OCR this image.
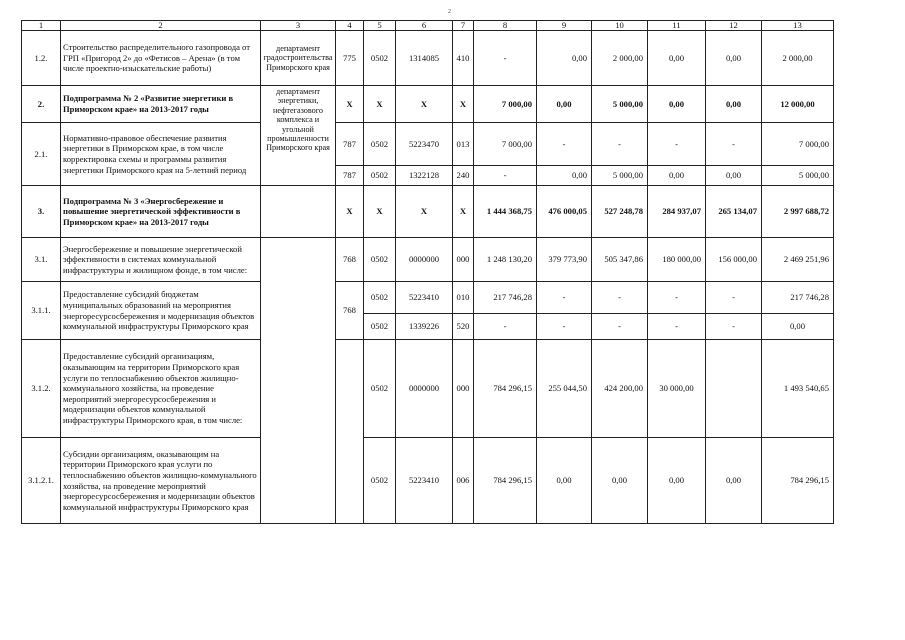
2
1	2	3	4	5	6	7	8	9	10	11	12	13
1.2.	Строительство распределительного газопровода от ГРП «Пригород 2» до «Фетисов – Арена» (в том числе проектно-изыскательские работы)	департамент градостроительства Приморского края	775	0502	1314085	410	-	0,00	2 000,00	0,00	0,00	2 000,00
2.	Подпрограмма № 2 «Развитие энергетики в Приморском крае» на 2013-2017 годы	департамент энергетики, нефтегазового комплекса и угольной промышленности Приморского края	Х	Х	Х	Х	7 000,00	0,00	5 000,00	0,00	0,00	12 000,00
2.1.	Нормативно-правовое обеспечение развития энергетики в Приморском крае, в том числе корректировка схемы и программы развития энергетики Приморского края на 5-летний период		787	0502	5223470	013	7 000,00	-	-	-	-	7 000,00
			787	0502	1322128	240	-	0,00	5 000,00	0,00	0,00	5 000,00
3.	Подпрограмма № 3 «Энергосбережение и повышение энергетической эффективности в Приморском крае» на 2013-2017 годы		Х	Х	Х	Х	1 444 368,75	476 000,05	527 248,78	284 937,07	265 134,07	2 997 688,72
3.1.	Энергосбережение и повышение энергетической эффективности в системах коммунальной инфраструктуры и жилищном фонде, в том числе:		768	0502	0000000	000	1 248 130,20	379 773,90	505 347,86	180 000,00	156 000,00	2 469 251,96
3.1.1.	Предоставление субсидий бюджетам муниципальных образований на мероприятия энергоресурсосбережения и модернизация объектов коммунальной инфраструктуры Приморского края		768	0502	5223410	010	217 746,28	-	-	-	-	217 746,28
				0502	1339226	520	-	-	-	-	-	0,00
3.1.2.	Предоставление субсидий организациям, оказывающим на территории Приморского края услуги по теплоснабжению объектов жилищно-коммунального хозяйства, на проведение мероприятий энергоресурсосбережения и модернизации объектов коммунальной инфраструктуры Приморского края, в том числе:			0502	0000000	000	784 296,15	255 044,50	424 200,00	30 000,00		1 493 540,65
3.1.2.1.	Субсидии организациям, оказывающим на территории Приморского края услуги по теплоснабжению объектов жилищно-коммунального хозяйства, на проведение мероприятий энергоресурсосбережения и модернизации объектов коммунальной инфраструктуры Приморского края			0502	5223410	006	784 296,15	0,00	0,00	0,00	0,00	784 296,15
